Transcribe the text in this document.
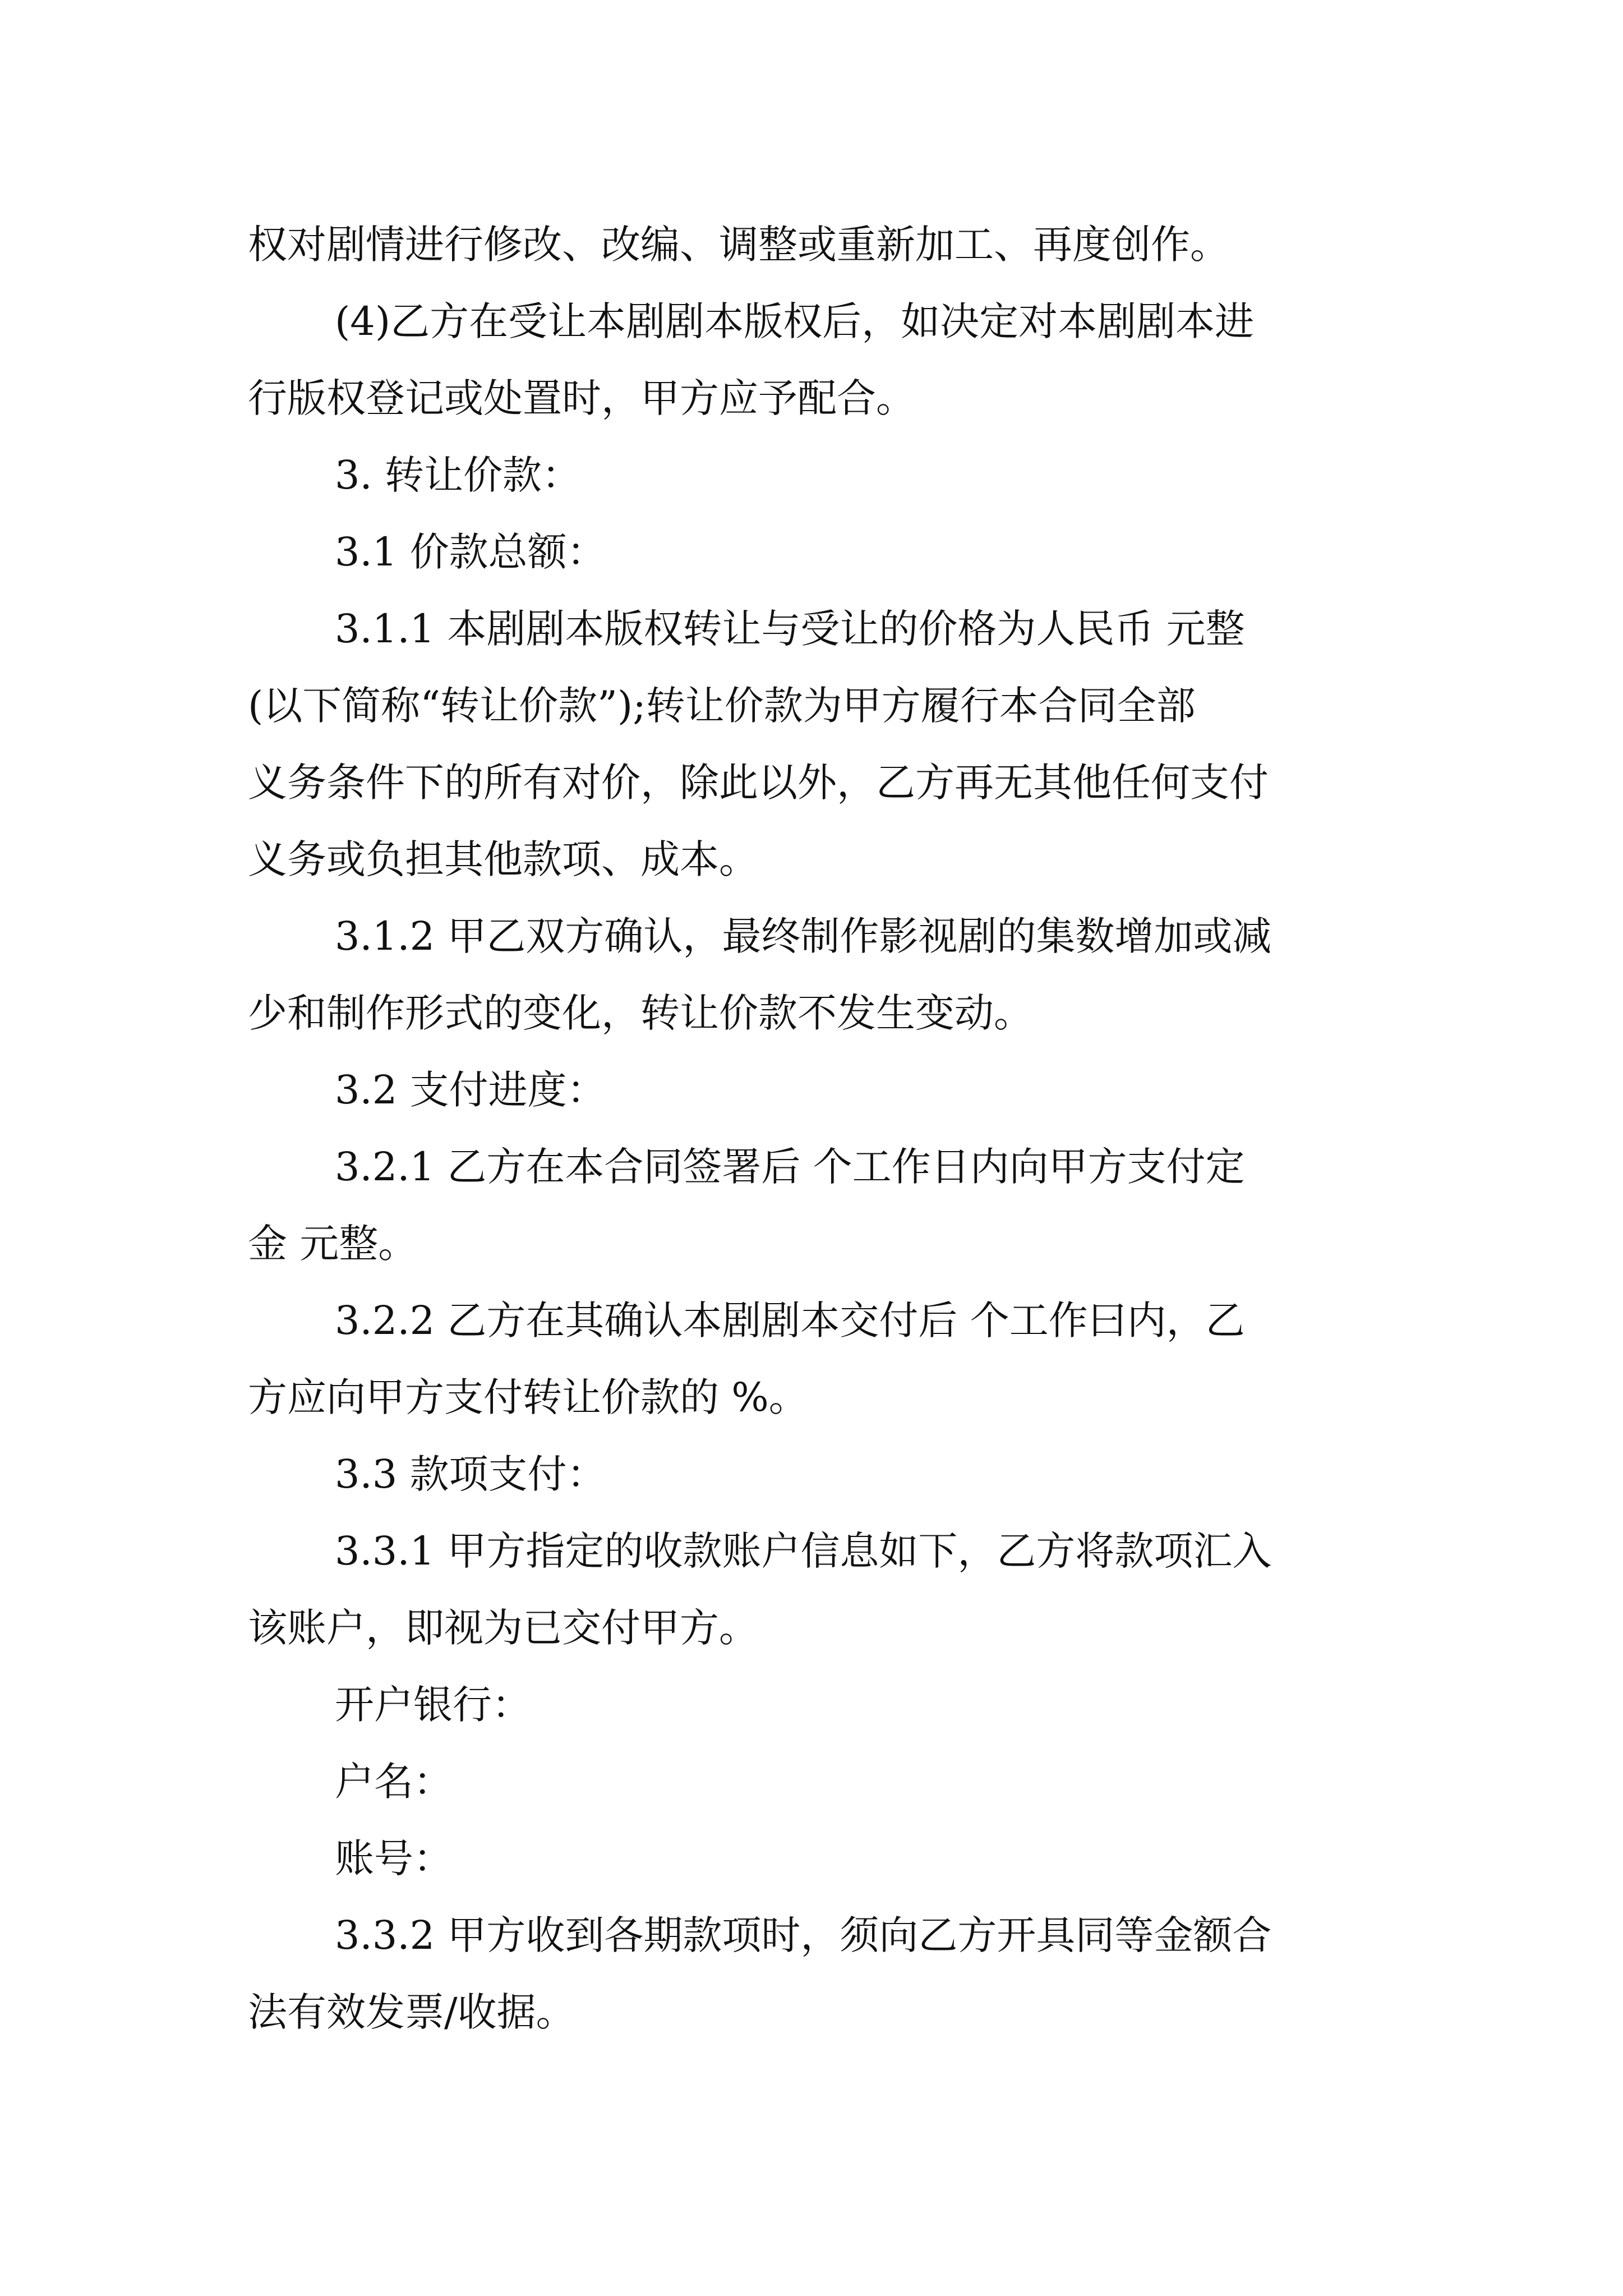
权对剧情进行修改、改编、调整或重新加工、再度创作。
(4)乙方在受让本剧剧本版权后，如决定对本剧剧本进
行版权登记或处置时，甲方应予配合。
3. 转让价款：
3.1 价款总额：
3.1.1 本剧剧本版权转让与受让的价格为人民币 元整
(以下简称“转让价款”);转让价款为甲方履行本合同全部
义务条件下的所有对价，除此以外，乙方再无其他任何支付
义务或负担其他款项、成本。
3.1.2 甲乙双方确认，最终制作影视剧的集数增加或减
少和制作形式的变化，转让价款不发生变动。
3.2 支付进度：
3.2.1 乙方在本合同签署后 个工作日内向甲方支付定
金 元整。
3.2.2 乙方在其确认本剧剧本交付后 个工作曰内，乙
方应向甲方支付转让价款的 %。
3.3 款项支付：
3.3.1 甲方指定的收款账户信息如下，乙方将款项汇入
该账户，即视为已交付甲方。
开户银行：
户名：
账号：
3.3.2 甲方收到各期款项时，须向乙方开具同等金额合
法有效发票/收据。
